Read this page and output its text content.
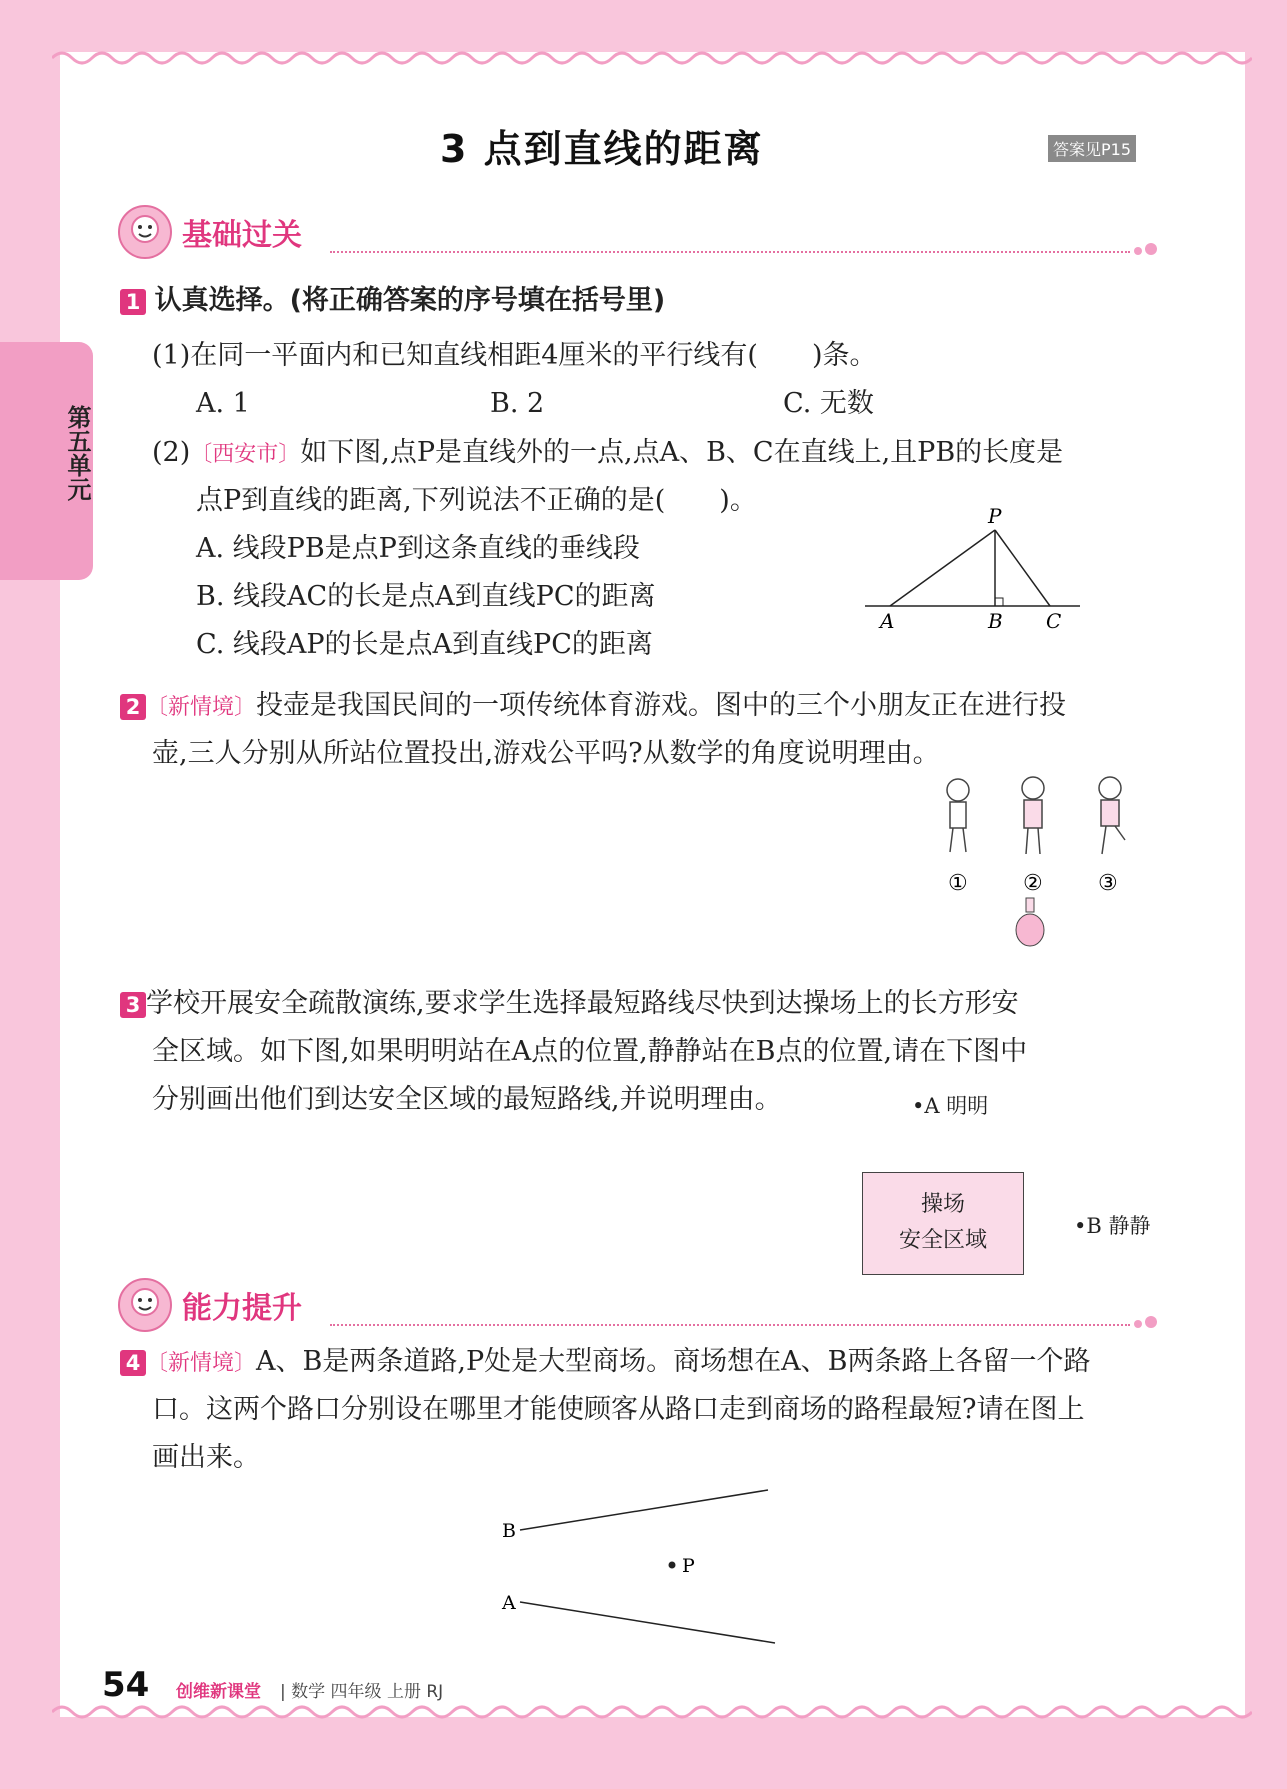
第五单元
3 点到直线的距离	答案见P15
基础过关
1 认真选择。(将正确答案的序号填在括号里)
(1)在同一平面内和已知直线相距4厘米的平行线有(　　)条。
A. 1	B. 2	C. 无数
(2)〔西安市〕如下图,点P是直线外的一点,点A、B、C在直线上,且PB的长度是
点P到直线的距离,下列说法不正确的是(　　)。
A. 线段PB是点P到这条直线的垂线段
B. 线段AC的长是点A到直线PC的距离
C. 线段AP的长是点A到直线PC的距离
P
A	B C
2 〔新情境〕投壶是我国民间的一项传统体育游戏。图中的三个小朋友正在进行投
壶,三人分别从所站位置投出,游戏公平吗?从数学的角度说明理由。
①	②	③
3 学校开展安全疏散演练,要求学生选择最短路线尽快到达操场上的长方形安
全区域。如下图,如果明明站在A点的位置,静静站在B点的位置,请在下图中
分别画出他们到达安全区域的最短路线,并说明理由。	•A 明明
操场
安全区域
•B 静静
能力提升
4 〔新情境〕A、B是两条道路,P处是大型商场。商场想在A、B两条路上各留一个路
口。这两个路口分别设在哪里才能使顾客从路口走到商场的路程最短?请在图上
画出来。
B
A
P
54 创维新课堂 | 数学 四年级 上册 RJ
